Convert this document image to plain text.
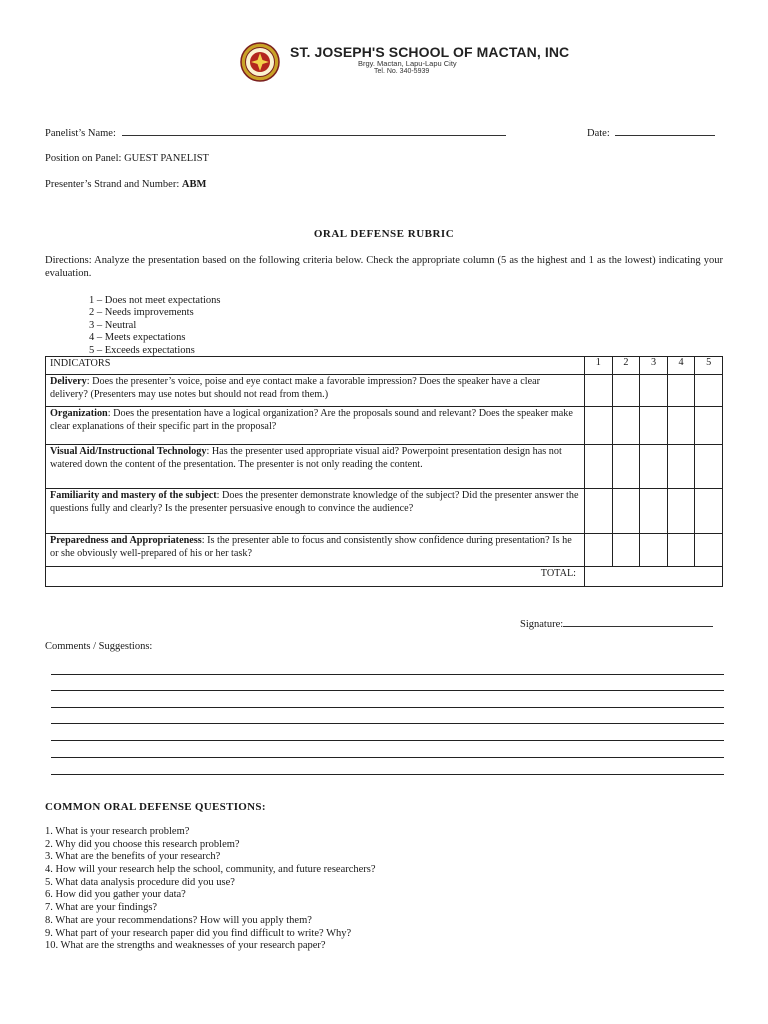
ST. JOSEPH'S SCHOOL OF MACTAN, INC
Brgy. Mactan, Lapu-Lapu City
Tel. No. 340-5939
Panelist’s Name:	Date:
Position on Panel: GUEST PANELIST
Presenter’s Strand and Number: ABM
ORAL DEFENSE RUBRIC
Directions: Analyze the presentation based on the following criteria below. Check the appropriate column (5 as the highest and 1 as the lowest) indicating your evaluation.
1 – Does not meet expectations
2 – Needs improvements
3 – Neutral
4 – Meets expectations
5 – Exceeds expectations
INDICATORS	1	2	3	4	5
Delivery: Does the presenter’s voice, poise and eye contact make a favorable impression? Does the speaker have a clear delivery? (Presenters may use notes but should not read from them.)					
Organization: Does the presentation have a logical organization? Are the proposals sound and relevant? Does the speaker make clear explanations of their specific part in the proposal?					
Visual Aid/Instructional Technology: Has the presenter used appropriate visual aid? Powerpoint presentation design has not watered down the content of the presentation. The presenter is not only reading the content.					
Familiarity and mastery of the subject: Does the presenter demonstrate knowledge of the subject? Did the presenter answer the questions fully and clearly? Is the presenter persuasive enough to convince the audience?					
Preparedness and Appropriateness: Is the presenter able to focus and consistently show confidence during presentation? Is he or she obviously well-prepared of his or her task?					
TOTAL:					
Signature:
Comments / Suggestions:
COMMON ORAL DEFENSE QUESTIONS:
1. What is your research problem?
2. Why did you choose this research problem?
3. What are the benefits of your research?
4. How will your research help the school, community, and future researchers?
5. What data analysis procedure did you use?
6. How did you gather your data?
7. What are your findings?
8. What are your recommendations? How will you apply them?
9. What part of your research paper did you find difficult to write? Why?
10. What are the strengths and weaknesses of your research paper?
